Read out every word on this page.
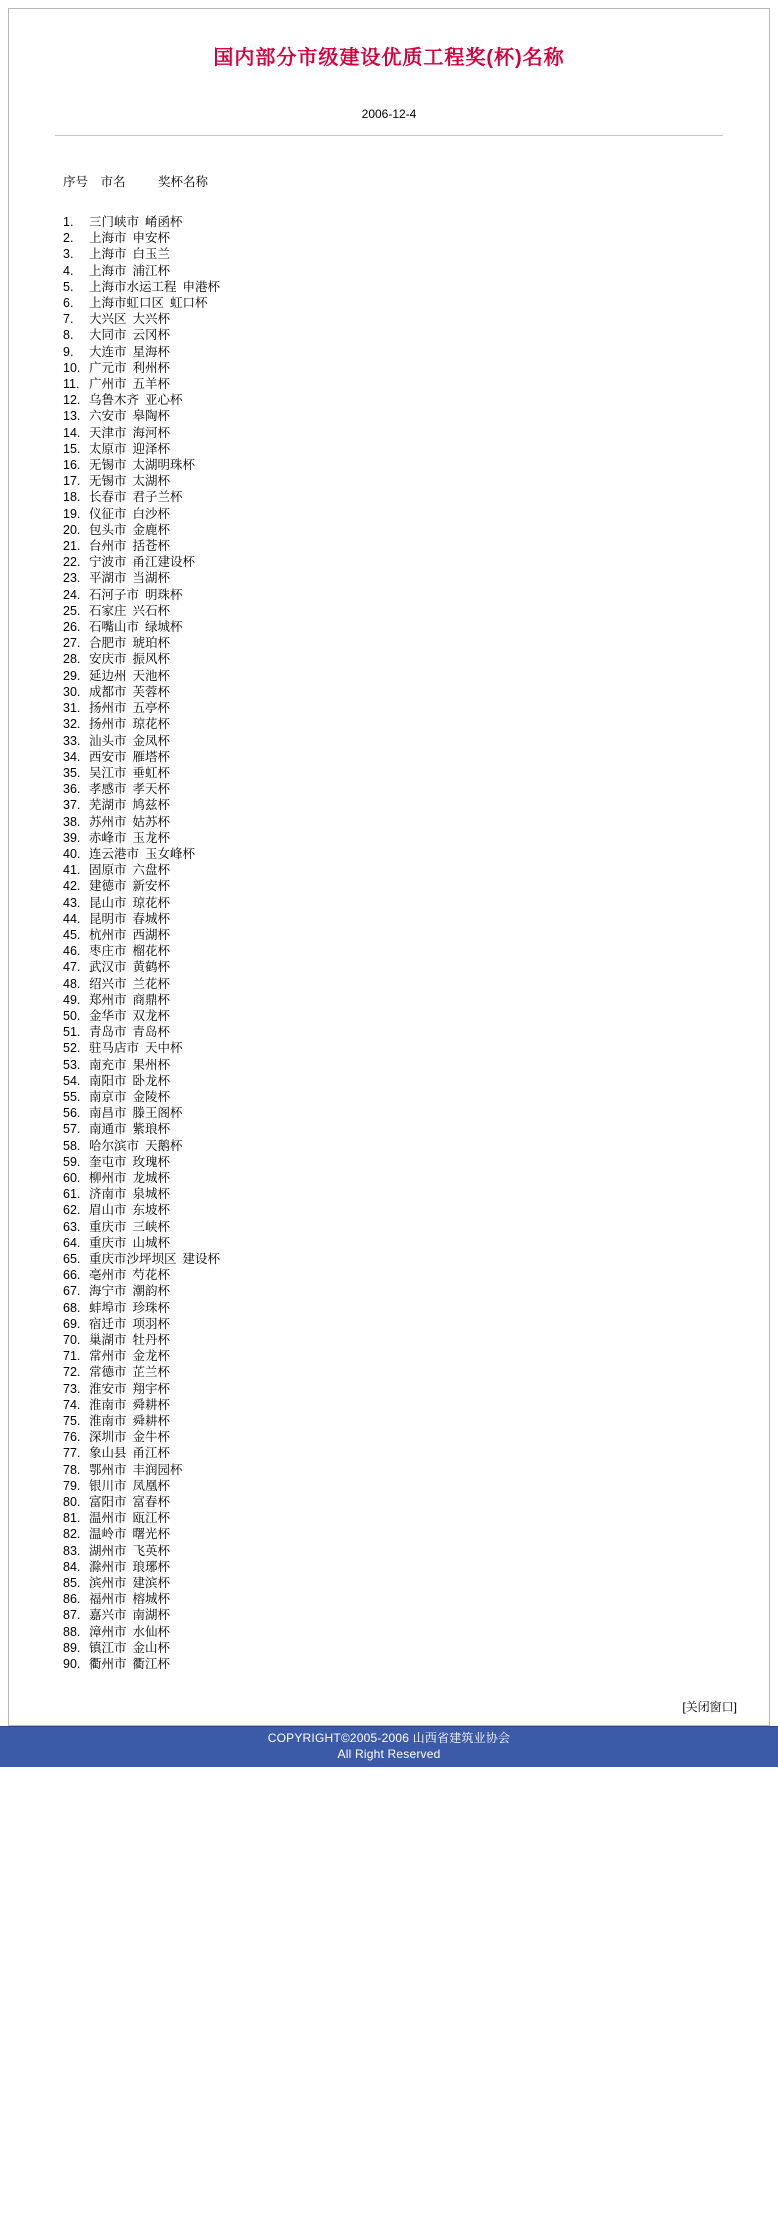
国内部分市级建设优质工程奖(杯)名称
2006-12-4
序号 市名	奖杯名称
1. 三门峡市 崤函杯
2. 上海市 申安杯
3. 上海市 白玉兰
4. 上海市 浦江杯
5. 上海市水运工程 申港杯
6. 上海市虹口区 虹口杯
7. 大兴区 大兴杯
8. 大同市 云冈杯
9. 大连市 星海杯
10. 广元市 利州杯
11. 广州市 五羊杯
12. 乌鲁木齐 亚心杯
13. 六安市 皋陶杯
14. 天津市 海河杯
15. 太原市 迎泽杯
16. 无锡市 太湖明珠杯
17. 无锡市 太湖杯
18. 长春市 君子兰杯
19. 仪征市 白沙杯
20. 包头市 金鹿杯
21. 台州市 括苍杯
22. 宁波市 甬江建设杯
23. 平湖市 当湖杯
24. 石河子市 明珠杯
25. 石家庄 兴石杯
26. 石嘴山市 绿城杯
27. 合肥市 琥珀杯
28. 安庆市 振风杯
29. 延边州 天池杯
30. 成都市 芙蓉杯
31. 扬州市 五亭杯
32. 扬州市 琼花杯
33. 汕头市 金凤杯
34. 西安市 雁塔杯
35. 吴江市 垂虹杯
36. 孝感市 孝天杯
37. 芜湖市 鸠兹杯
38. 苏州市 姑苏杯
39. 赤峰市 玉龙杯
40. 连云港市 玉女峰杯
41. 固原市 六盘杯
42. 建德市 新安杯
43. 昆山市 琼花杯
44. 昆明市 春城杯
45. 杭州市 西湖杯
46. 枣庄市 榴花杯
47. 武汉市 黄鹤杯
48. 绍兴市 兰花杯
49. 郑州市 商鼎杯
50. 金华市 双龙杯
51. 青岛市 青岛杯
52. 驻马店市 天中杯
53. 南充市 果州杯
54. 南阳市 卧龙杯
55. 南京市 金陵杯
56. 南昌市 滕王阁杯
57. 南通市 紫琅杯
58. 哈尔滨市 天鹅杯
59. 奎屯市 玫瑰杯
60. 柳州市 龙城杯
61. 济南市 泉城杯
62. 眉山市 东坡杯
63. 重庆市 三峡杯
64. 重庆市 山城杯
65. 重庆市沙坪坝区 建设杯
66. 亳州市 芍花杯
67. 海宁市 潮韵杯
68. 蚌埠市 珍珠杯
69. 宿迁市 项羽杯
70. 巢湖市 牡丹杯
71. 常州市 金龙杯
72. 常德市 芷兰杯
73. 淮安市 翔宇杯
74. 淮南市 舜耕杯
75. 淮南市 舜耕杯
76. 深圳市 金牛杯
77. 象山县 甬江杯
78. 鄂州市 丰润园杯
79. 银川市 凤凰杯
80. 富阳市 富春杯
81. 温州市 瓯江杯
82. 温岭市 曙光杯
83. 湖州市 飞英杯
84. 滁州市 琅琊杯
85. 滨州市 建滨杯
86. 福州市 榕城杯
87. 嘉兴市 南湖杯
88. 漳州市 水仙杯
89. 镇江市 金山杯
90. 衢州市 衢江杯
[关闭窗口]
COPYRIGHT©2005-2006 山西省建筑业协会
All Right Reserved
